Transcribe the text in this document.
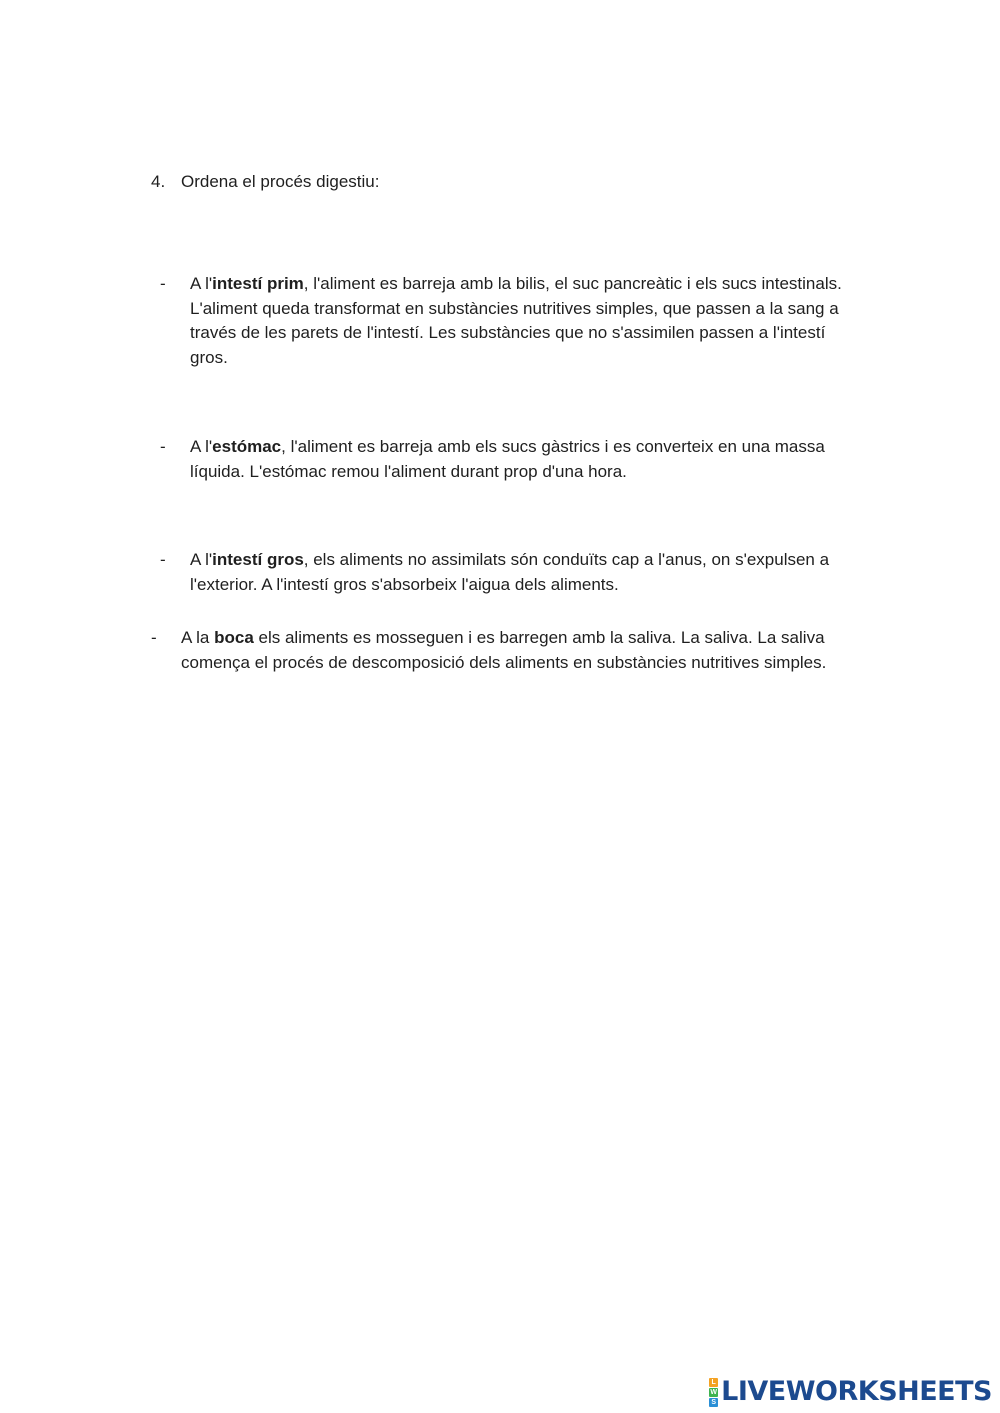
4. Ordena el procés digestiu:
-	A l'intestí prim, l'aliment es barreja amb la bilis, el suc pancreàtic i els sucs intestinals. L'aliment queda transformat en substàncies nutritives simples, que passen a la sang a través de les parets de l'intestí. Les substàncies que no s'assimilen passen a l'intestí gros.
-	A l'estómac, l'aliment es barreja amb els sucs gàstrics i es converteix en una massa líquida. L'estómac remou l'aliment durant prop d'una hora.
-	A l'intestí gros, els aliments no assimilats són conduïts cap a l'anus, on s'expulsen a l'exterior. A l'intestí gros s'absorbeix l'aigua dels aliments.
-	A la boca els aliments es mosseguen i es barregen amb la saliva. La saliva. La saliva comença el procés de descomposició dels aliments en substàncies nutritives simples.
L
W
S LIVEWORKSHEETS
